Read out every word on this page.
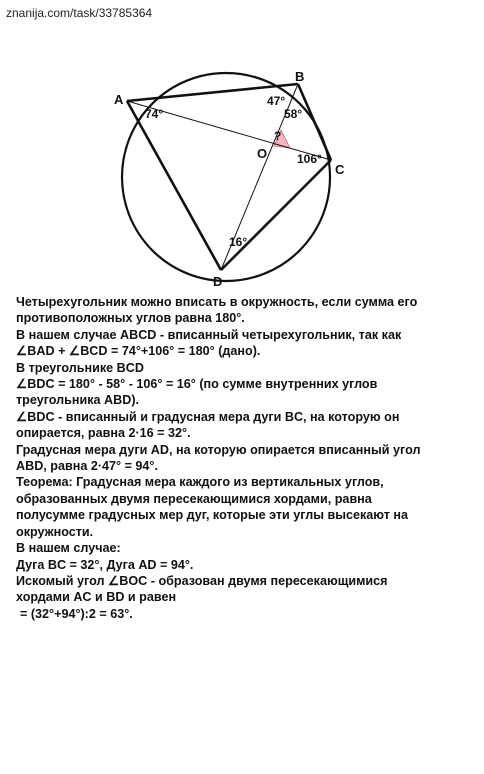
znanija.com/task/33785364
A
B
C
D
O
74°
47°
58°
106°
16°
?

Четырехугольник можно вписать в окружность, если сумма его
противоположных углов равна 180°.

В нашем случае ABCD - вписанный четырехугольник, так как
∠BAD + ∠BCD = 74°+106° = 180° (дано).

В треугольнике BCD
∠BDC = 180° - 58° - 106° = 16° (по сумме внутренних углов
треугольника ABD).

∠BDC - вписанный и градусная мера дуги BC, на которую он
опирается, равна 2·16 = 32°.

Градусная мера дуги AD, на которую опирается вписанный угол
ABD, равна 2·47° = 94°.

Теорема: Градусная мера каждого из вертикальных углов,
образованных двумя пересекающимися хордами, равна
полусумме градусных мер дуг, которые эти углы высекают на
окружности.

В нашем случае:
Дуга BC = 32°, Дуга AD = 94°.

Искомый угол ∠BOC - образован двумя пересекающимися
хордами AC и BD и равен
= (32°+94°):2 = 63°.
